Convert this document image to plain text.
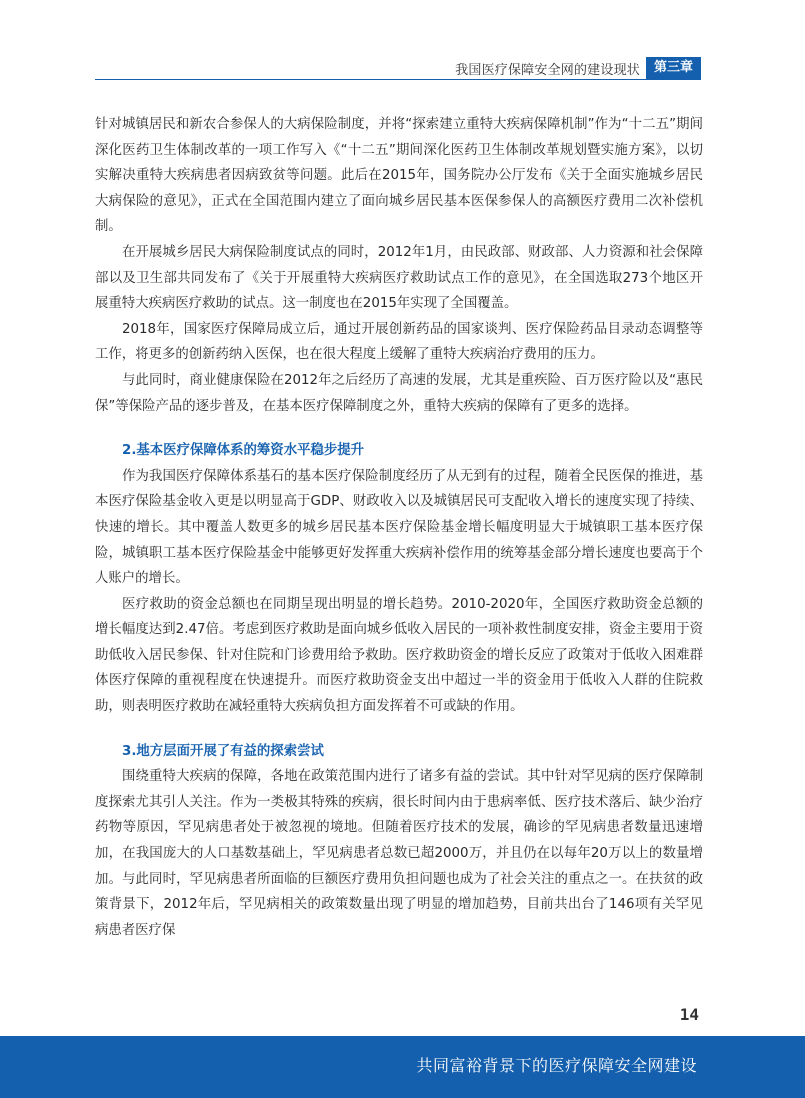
我国医疗保障安全网的建设现状	第三章

针对城镇居民和新农合参保人的大病保险制度，并将“探索建立重特大疾病保障机制”作为“十二五”期间深化医药卫生体制改革的一项工作写入《“十二五”期间深化医药卫生体制改革规划暨实施方案》，以切实解决重特大疾病患者因病致贫等问题。此后在2015年，国务院办公厅发布《关于全面实施城乡居民大病保险的意见》，正式在全国范围内建立了面向城乡居民基本医保参保人的高额医疗费用二次补偿机制。

在开展城乡居民大病保险制度试点的同时，2012年1月，由民政部、财政部、人力资源和社会保障部以及卫生部共同发布了《关于开展重特大疾病医疗救助试点工作的意见》，在全国选取273个地区开展重特大疾病医疗救助的试点。这一制度也在2015年实现了全国覆盖。

2018年，国家医疗保障局成立后，通过开展创新药品的国家谈判、医疗保险药品目录动态调整等工作，将更多的创新药纳入医保，也在很大程度上缓解了重特大疾病治疗费用的压力。

与此同时，商业健康保险在2012年之后经历了高速的发展，尤其是重疾险、百万医疗险以及“惠民保”等保险产品的逐步普及，在基本医疗保障制度之外，重特大疾病的保障有了更多的选择。

2.基本医疗保障体系的筹资水平稳步提升

作为我国医疗保障体系基石的基本医疗保险制度经历了从无到有的过程，随着全民医保的推进，基本医疗保险基金收入更是以明显高于GDP、财政收入以及城镇居民可支配收入增长的速度实现了持续、快速的增长。其中覆盖人数更多的城乡居民基本医疗保险基金增长幅度明显大于城镇职工基本医疗保险，城镇职工基本医疗保险基金中能够更好发挥重大疾病补偿作用的统筹基金部分增长速度也要高于个人账户的增长。

医疗救助的资金总额也在同期呈现出明显的增长趋势。2010-2020年，全国医疗救助资金总额的增长幅度达到2.47倍。考虑到医疗救助是面向城乡低收入居民的一项补救性制度安排，资金主要用于资助低收入居民参保、针对住院和门诊费用给予救助。医疗救助资金的增长反应了政策对于低收入困难群体医疗保障的重视程度在快速提升。而医疗救助资金支出中超过一半的资金用于低收入人群的住院救助，则表明医疗救助在减轻重特大疾病负担方面发挥着不可或缺的作用。

3.地方层面开展了有益的探索尝试

围绕重特大疾病的保障，各地在政策范围内进行了诸多有益的尝试。其中针对罕见病的医疗保障制度探索尤其引人关注。作为一类极其特殊的疾病，很长时间内由于患病率低、医疗技术落后、缺少治疗药物等原因，罕见病患者处于被忽视的境地。但随着医疗技术的发展，确诊的罕见病患者数量迅速增加，在我国庞大的人口基数基础上，罕见病患者总数已超2000万，并且仍在以每年20万以上的数量增加。与此同时，罕见病患者所面临的巨额医疗费用负担问题也成为了社会关注的重点之一。在扶贫的政策背景下，2012年后，罕见病相关的政策数量出现了明显的增加趋势，目前共出台了146项有关罕见病患者医疗保

14
共同富裕背景下的医疗保障安全网建设
